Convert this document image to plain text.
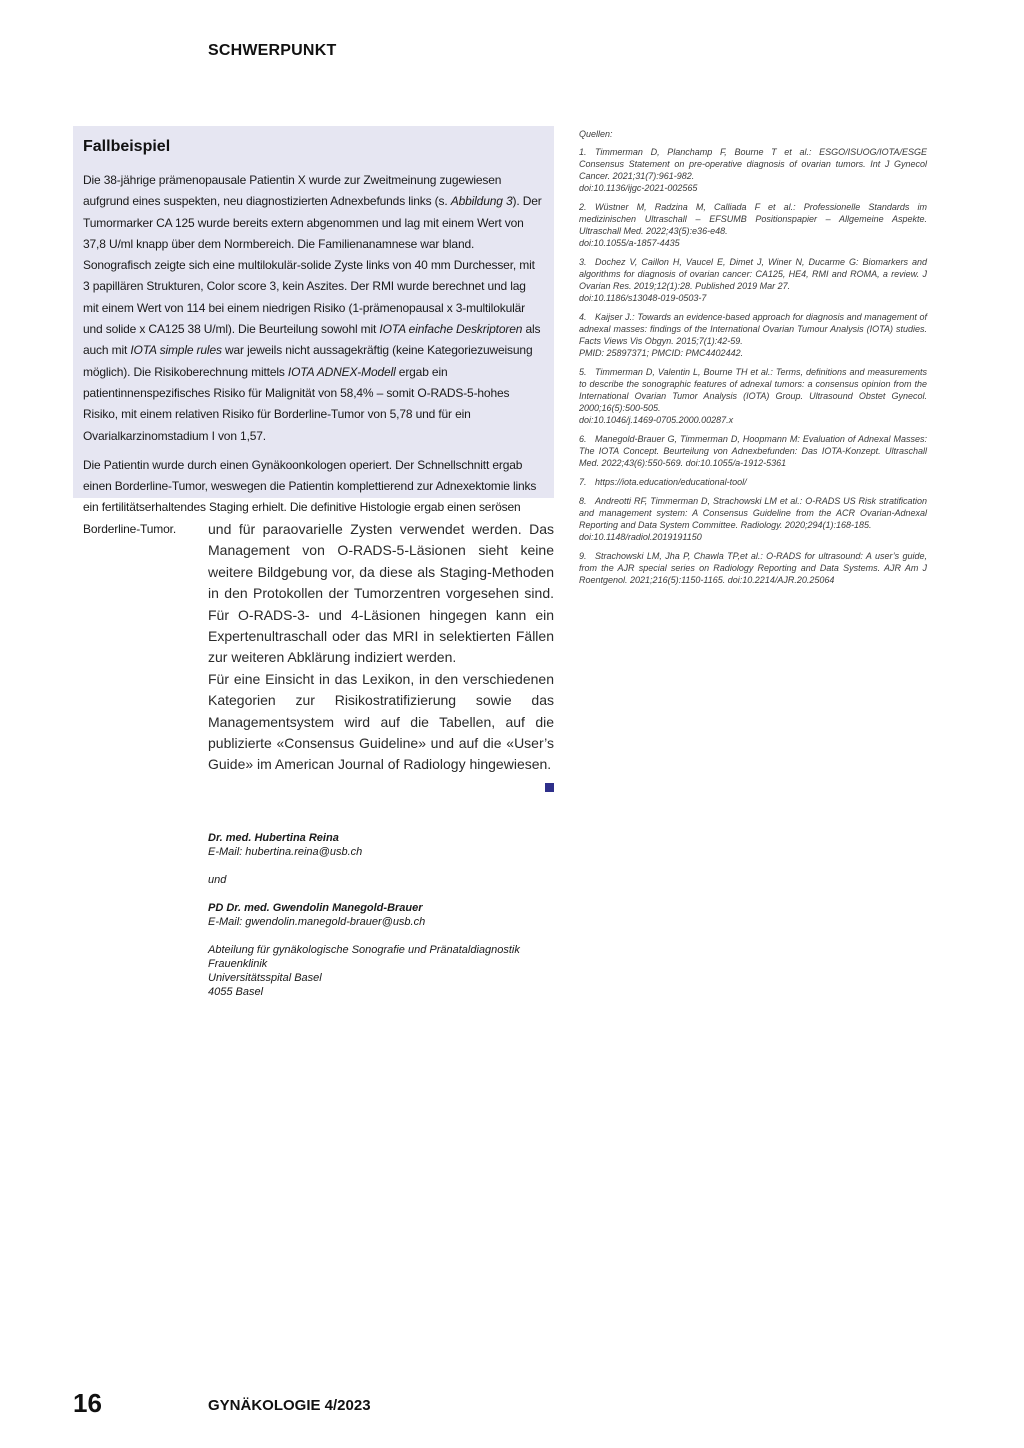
SCHWERPUNKT
Fallbeispiel

Die 38-jährige prämenopausale Patientin X wurde zur Zweitmeinung zugewiesen aufgrund eines suspekten, neu diagnostizierten Adnexbefunds links (s. Abbildung 3). Der Tumormarker CA 125 wurde bereits extern abgenommen und lag mit einem Wert von 37,8 U/ml knapp über dem Normbereich. Die Familienanamnese war bland. Sonografisch zeigte sich eine multilokulär-solide Zyste links von 40 mm Durchesser, mit 3 papillären Strukturen, Color score 3, kein Aszites. Der RMI wurde berechnet und lag mit einem Wert von 114 bei einem niedrigen Risiko (1-prämenopausal x 3-multilokulär und solide x CA125 38 U/ml). Die Beurteilung sowohl mit IOTA einfache Deskriptoren als auch mit IOTA simple rules war jeweils nicht aussagekräftig (keine Kategoriezuweisung möglich). Die Risikoberechnung mittels IOTA ADNEX-Modell ergab ein patientinnenspezifisches Risiko für Malignität von 58,4% – somit O-RADS-5-hohes Risiko, mit einem relativen Risiko für Borderline-Tumor von 5,78 und für ein Ovarialkarzinomstadium I von 1,57.

Die Patientin wurde durch einen Gynäkoonkologen operiert. Der Schnellschnitt ergab einen Borderline-Tumor, weswegen die Patientin komplettierend zur Adnexektomie links ein fertilitätserhaltendes Staging erhielt. Die definitive Histologie ergab einen serösen Borderline-Tumor.	und für paraovarielle Zysten verwendet werden. Das Management von O-RADS-5-Läsionen sieht keine weitere Bildgebung vor, da diese als Staging-Methoden in den Protokollen der Tumorzentren vorgesehen sind. Für O-RADS-3- und 4-Läsionen hingegen kann ein Expertenultraschall oder das MRI in selektierten Fällen zur weiteren Abklärung indiziert werden.

Für eine Einsicht in das Lexikon, in den verschiedenen Kategorien zur Risikostratifizierung sowie das Managementsystem wird auf die Tabellen, auf die publizierte «Consensus Guideline» und auf die «User’s Guide» im American Journal of Radiology hingewiesen.

Dr. med. Hubertina Reina
E-Mail: hubertina.reina@usb.ch
und
PD Dr. med. Gwendolin Manegold-Brauer
E-Mail: gwendolin.manegold-brauer@usb.ch
Abteilung für gynäkologische Sonografie und Pränataldiagnostik
Frauenklinik
Universitätsspital Basel
4055 Basel
Quellen:
1. Timmerman D, Planchamp F, Bourne T et al.: ESGO/ISUOG/IOTA/ESGE Consensus Statement on pre-operative diagnosis of ovarian tumors. Int J Gynecol Cancer. 2021;31(7):961-982.
doi:10.1136/ijgc-2021-002565
2. Wüstner M, Radzina M, Calliada F et al.: Professionelle Standards im medizinischen Ultraschall – EFSUMB Positionspapier – Allgemeine Aspekte. Ultraschall Med. 2022;43(5):e36-e48.
doi:10.1055/a-1857-4435
3. Dochez V, Caillon H, Vaucel E, Dimet J, Winer N, Ducarme G: Biomarkers and algorithms for diagnosis of ovarian cancer: CA125, HE4, RMI and ROMA, a review. J Ovarian Res. 2019;12(1):28. Published 2019 Mar 27.
doi:10.1186/s13048-019-0503-7
4. Kaijser J.: Towards an evidence-based approach for diagnosis and management of adnexal masses: findings of the International Ovarian Tumour Analysis (IOTA) studies. Facts Views Vis Obgyn. 2015;7(1):42-59.
PMID: 25897371; PMCID: PMC4402442.
5. Timmerman D, Valentin L, Bourne TH et al.: Terms, definitions and measurements to describe the sonographic features of adnexal tumors: a consensus opinion from the International Ovarian Tumor Analysis (IOTA) Group. Ultrasound Obstet Gynecol. 2000;16(5):500-505.
doi:10.1046/j.1469-0705.2000.00287.x
6. Manegold-Brauer G, Timmerman D, Hoopmann M: Evaluation of Adnexal Masses: The IOTA Concept. Beurteilung von Adnexbefunden: Das IOTA-Konzept. Ultraschall Med. 2022;43(6):550-569. doi:10.1055/a-1912-5361
7. https://iota.education/educational-tool/
8. Andreotti RF, Timmerman D, Strachowski LM et al.: O-RADS US Risk stratification and management system: A Consensus Guideline from the ACR Ovarian-Adnexal Reporting and Data System Committee. Radiology. 2020;294(1):168-185.
doi:10.1148/radiol.2019191150
9. Strachowski LM, Jha P, Chawla TP,et al.: O-RADS for ultrasound: A user’s guide, from the AJR special series on Radiology Reporting and Data Systems. AJR Am J Roentgenol. 2021;216(5):1150-1165. doi:10.2214/AJR.20.25064
16	GYNÄKOLOGIE 4/2023
